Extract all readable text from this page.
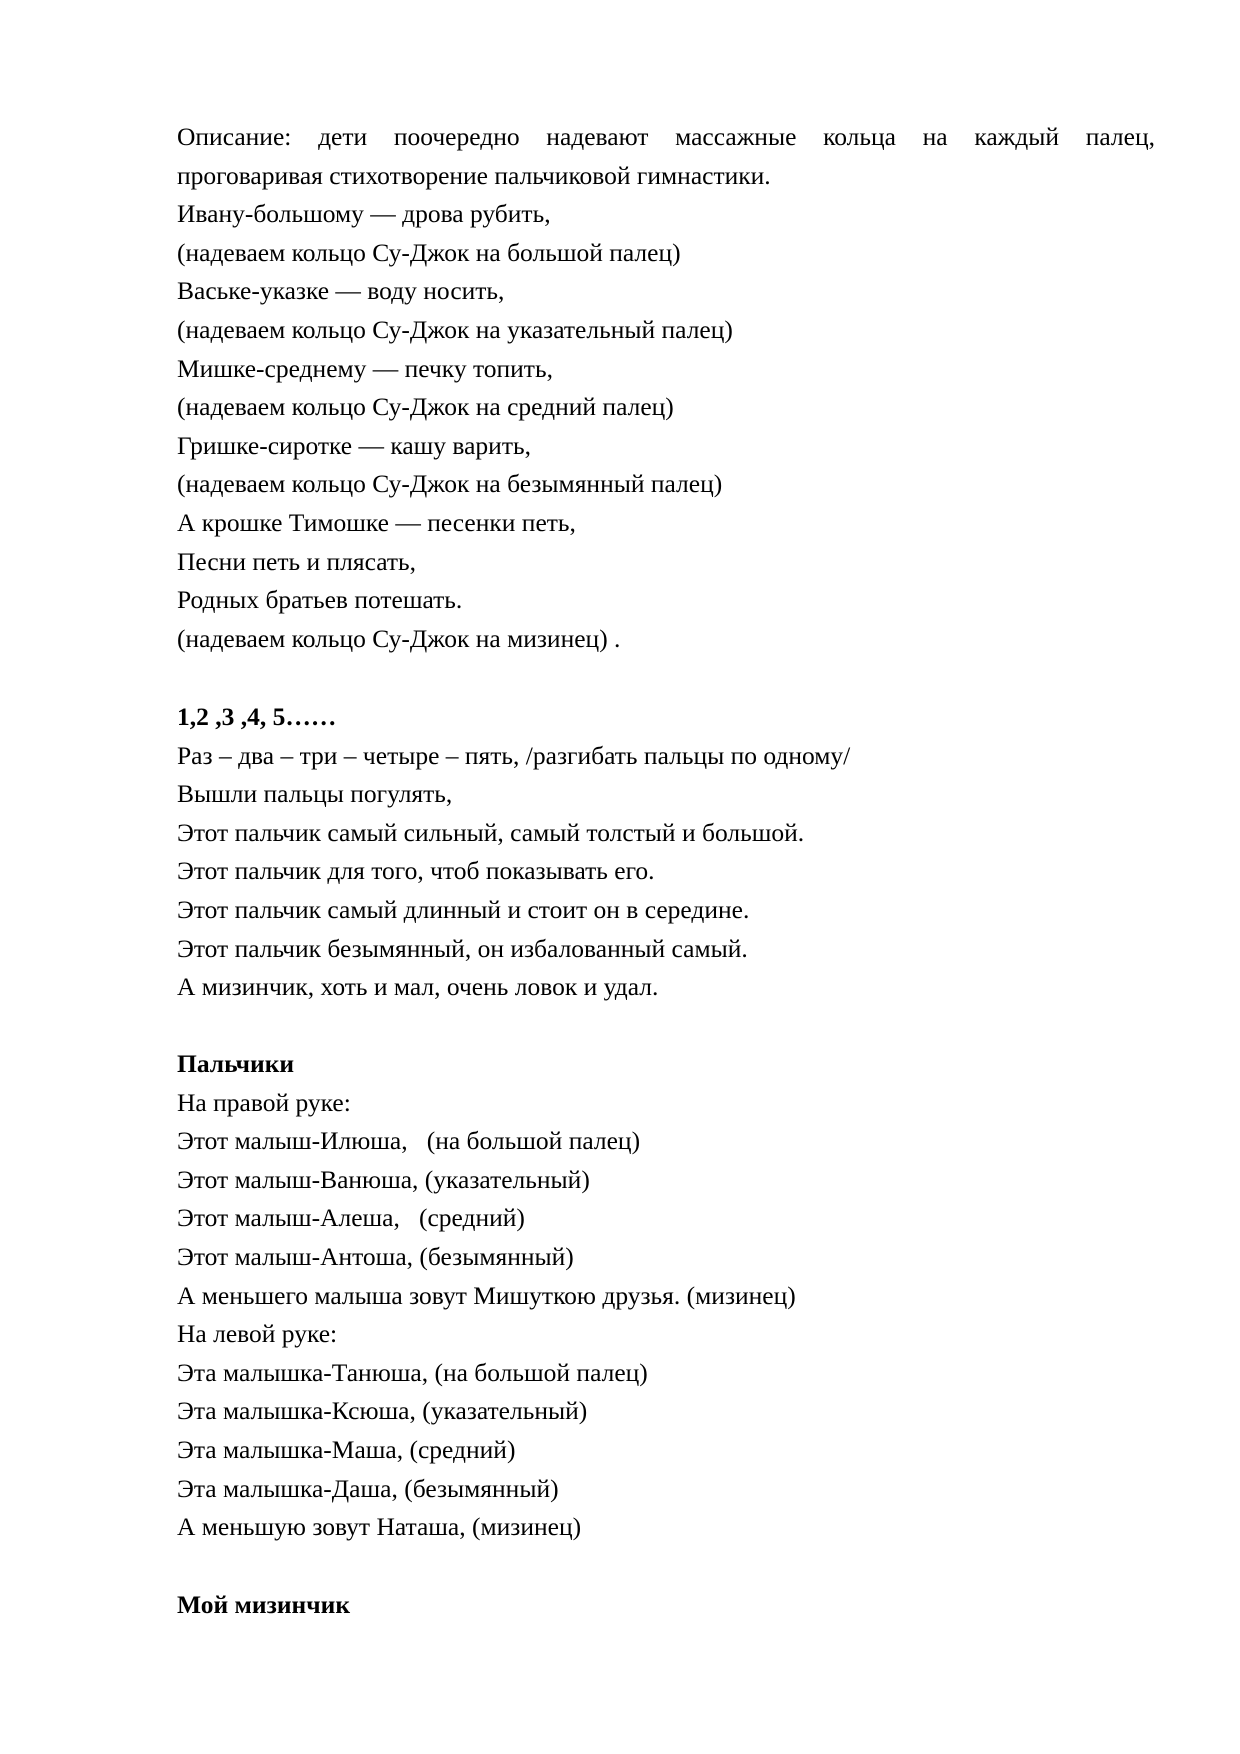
Описание: дети поочередно надевают массажные кольца на каждый палец,
проговаривая стихотворение пальчиковой гимнастики.
Ивану-большому — дрова рубить,
(надеваем кольцо Су-Джок на большой палец)
Ваське-указке — воду носить,
(надеваем кольцо Су-Джок на указательный палец)
Мишке-среднему — печку топить,
(надеваем кольцо Су-Джок на средний палец)
Гришке-сиротке — кашу варить,
(надеваем кольцо Су-Джок на безымянный палец)
А крошке Тимошке — песенки петь,
Песни петь и плясать,
Родных братьев потешать.
(надеваем кольцо Су-Джок на мизинец) .
1,2 ,3 ,4, 5……
Раз – два – три – четыре – пять, /разгибать пальцы по одному/
Вышли пальцы погулять,
Этот пальчик самый сильный, самый толстый и большой.
Этот пальчик для того, чтоб показывать его.
Этот пальчик самый длинный и стоит он в середине.
Этот пальчик безымянный, он избалованный самый.
А мизинчик, хоть и мал, очень ловок и удал.
Пальчики
На правой руке:
Этот малыш-Илюша,   (на большой палец)
Этот малыш-Ванюша, (указательный)
Этот малыш-Алеша,   (средний)
Этот малыш-Антоша, (безымянный)
А меньшего малыша зовут Мишуткою друзья. (мизинец)
На левой руке:
Эта малышка-Танюша, (на большой палец)
Эта малышка-Ксюша, (указательный)
Эта малышка-Маша, (средний)
Эта малышка-Даша, (безымянный)
А меньшую зовут Наташа, (мизинец)
Мой мизинчик
